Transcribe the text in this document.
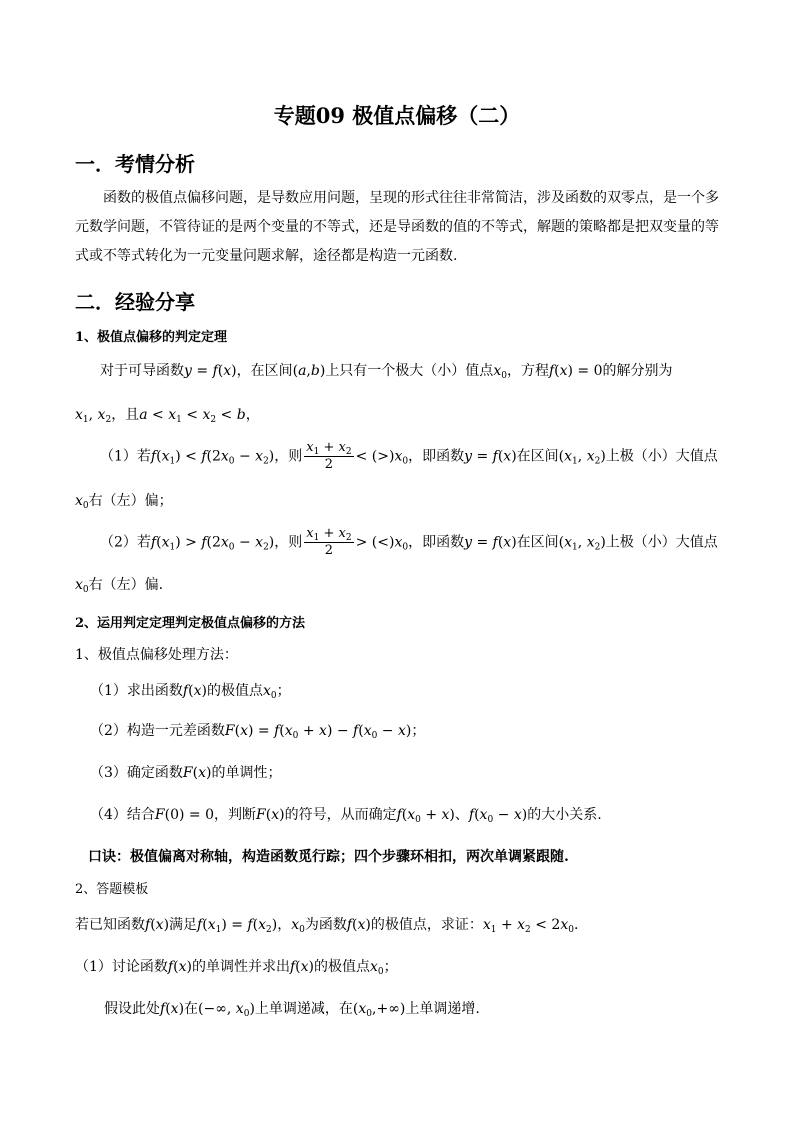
专题09 极值点偏移（二）
一．考情分析
函数的极值点偏移问题，是导数应用问题，呈现的形式往往非常简洁，涉及函数的双零点，是一个多元数学问题，不管待证的是两个变量的不等式，还是导函数的值的不等式，解题的策略都是把双变量的等式或不等式转化为一元变量问题求解，途径都是构造一元函数.
二．经验分享
1、极值点偏移的判定定理
对于可导函数y = f(x)，在区间(a,b)上只有一个极大（小）值点$x_0$，方程f(x) = 0的解分别为
$x_1$, $x_2$，且$a < x_1 < x_2 < b$，
（1）若$f(x_1) < f(2x_0 - x_2)$，则 $\frac{x_1 + x_2}{2} < (>)x_0$，即函数y = f(x)在区间($x_1$, $x_2$)上极（小）大值点
$x_0$右（左）偏；
（2）若$f(x_1) > f(2x_0 - x_2)$，则 $\frac{x_1 + x_2}{2} > (<)x_0$，即函数y = f(x)在区间($x_1$, $x_2$)上极（小）大值点
$x_0$右（左）偏.
2、运用判定定理判定极值点偏移的方法
1、极值点偏移处理方法：
（1）求出函数f(x)的极值点$x_0$；
（2）构造一元差函数$F(x) = f(x_0 + x) - f(x_0 - x)$；
（3）确定函数F(x)的单调性；
（4）结合F(0) = 0，判断F(x)的符号，从而确定$f(x_0 + x)$、$f(x_0 - x)$的大小关系.
口诀：极值偏离对称轴，构造函数觅行踪；四个步骤环相扣，两次单调紧跟随.
2、答题模板
若已知函数f(x)满足$f(x_1) = f(x_2)$，$x_0$为函数f(x)的极值点，求证：$x_1 + x_2 < 2x_0$.
（1）讨论函数f(x)的单调性并求出f(x)的极值点$x_0$；
假设此处f(x)在(−∞, $x_0$)上单调递减，在$(x_0,+\infty)$上单调递增.
